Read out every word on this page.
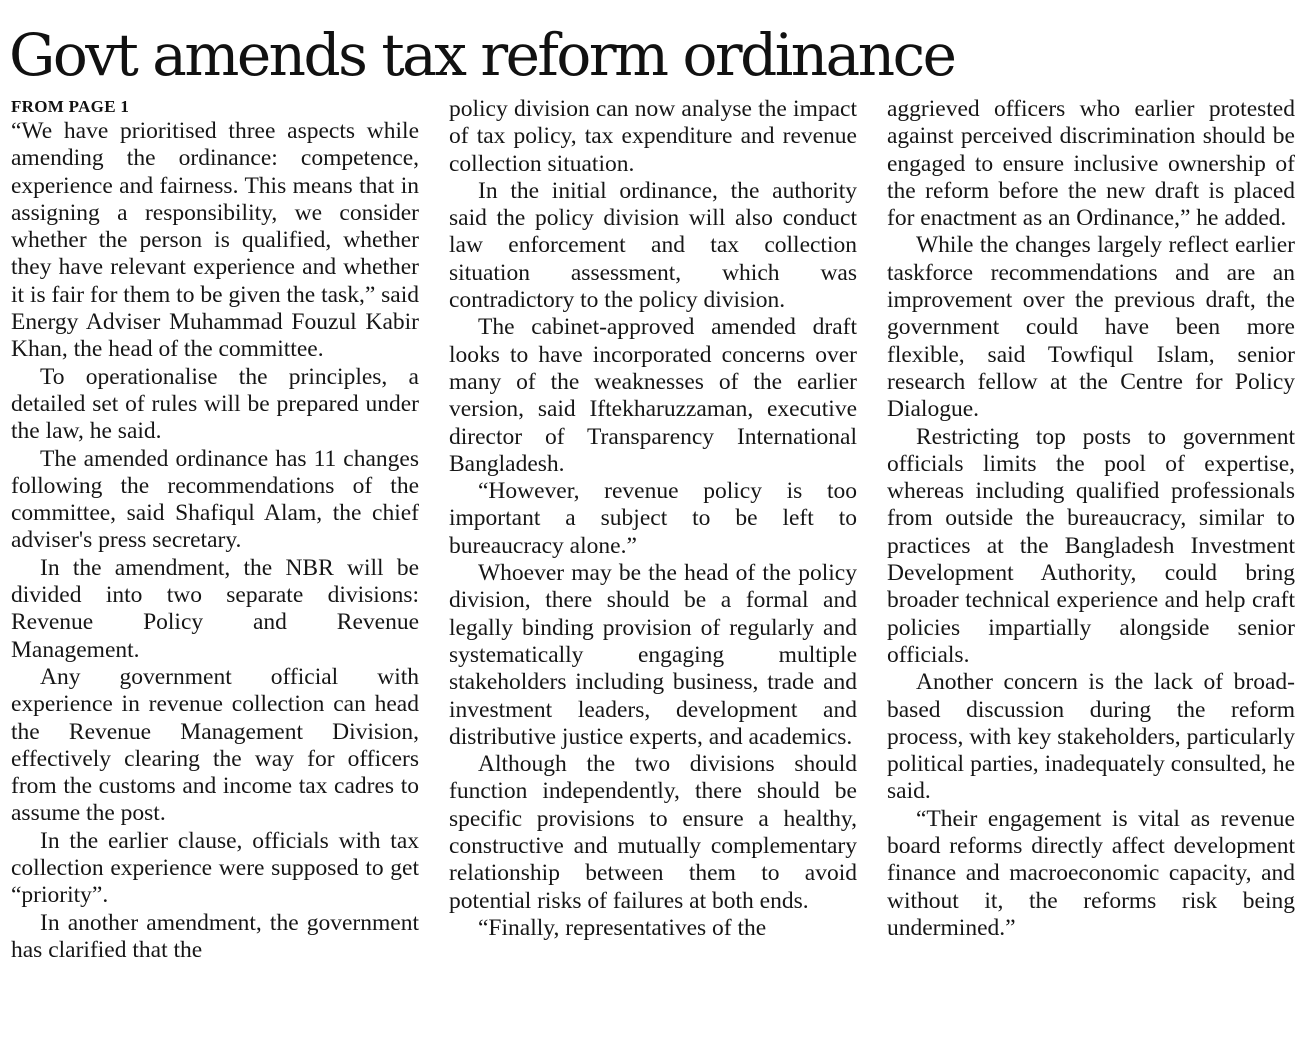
Govt amends tax reform ordinance
FROM PAGE 1

“We have prioritised three aspects while amending the ordinance: competence, experience and fairness. This means that in assigning a responsibility, we consider whether the person is qualified, whether they have relevant experience and whether it is fair for them to be given the task,” said Energy Adviser Muhammad Fouzul Kabir Khan, the head of the committee.

To operationalise the principles, a detailed set of rules will be prepared under the law, he said.

The amended ordinance has 11 changes following the recommendations of the committee, said Shafiqul Alam, the chief adviser's press secretary.

In the amendment, the NBR will be divided into two separate divisions: Revenue Policy and Revenue Management.

Any government official with experience in revenue collection can head the Revenue Management Division, effectively clearing the way for officers from the customs and income tax cadres to assume the post.

In the earlier clause, officials with tax collection experience were supposed to get “priority”.

In another amendment, the government has clarified that the

policy division can now analyse the impact of tax policy, tax expenditure and revenue collection situation.

In the initial ordinance, the authority said the policy division will also conduct law enforcement and tax collection situation assessment, which was contradictory to the policy division.

The cabinet-approved amended draft looks to have incorporated concerns over many of the weaknesses of the earlier version, said Iftekharuzzaman, executive director of Transparency International Bangladesh.

“However, revenue policy is too important a subject to be left to bureaucracy alone.”

Whoever may be the head of the policy division, there should be a formal and legally binding provision of regularly and systematically engaging multiple stakeholders including business, trade and investment leaders, development and distributive justice experts, and academics.

Although the two divisions should function independently, there should be specific provisions to ensure a healthy, constructive and mutually complementary relationship between them to avoid potential risks of failures at both ends.

“Finally, representatives of the

aggrieved officers who earlier protested against perceived discrimination should be engaged to ensure inclusive ownership of the reform before the new draft is placed for enactment as an Ordinance,” he added.

While the changes largely reflect earlier taskforce recommendations and are an improvement over the previous draft, the government could have been more flexible, said Towfiqul Islam, senior research fellow at the Centre for Policy Dialogue.

Restricting top posts to government officials limits the pool of expertise, whereas including qualified professionals from outside the bureaucracy, similar to practices at the Bangladesh Investment Development Authority, could bring broader technical experience and help craft policies impartially alongside senior officials.

Another concern is the lack of broad-based discussion during the reform process, with key stakeholders, particularly political parties, inadequately consulted, he said.

“Their engagement is vital as revenue board reforms directly affect development finance and macroeconomic capacity, and without it, the reforms risk being undermined.”
